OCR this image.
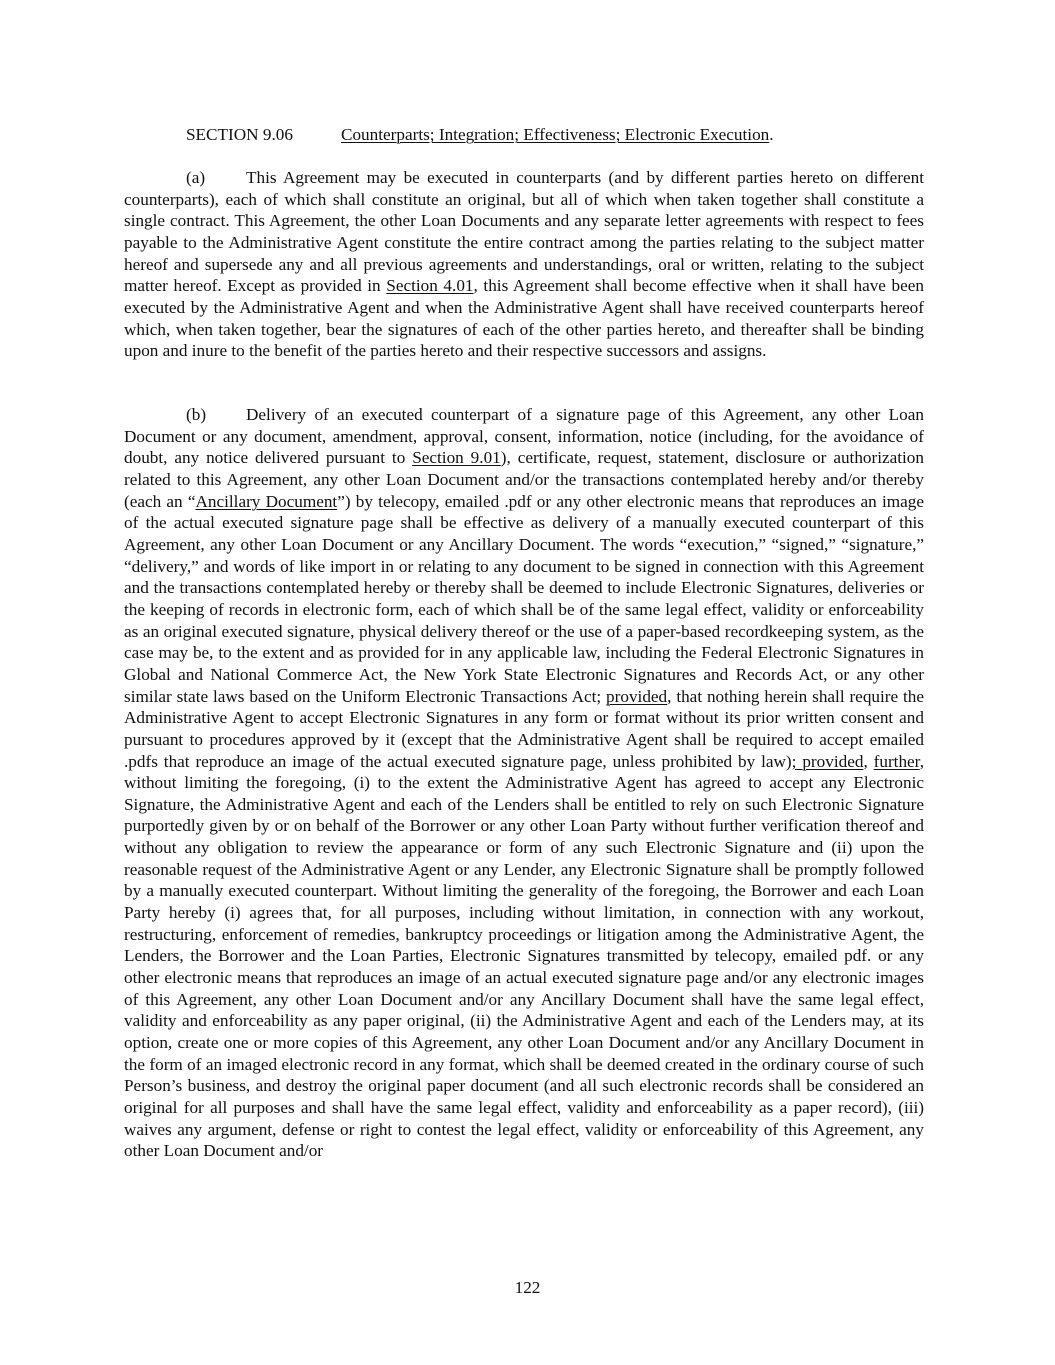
SECTION 9.06	Counterparts; Integration; Effectiveness; Electronic Execution.

(a) This Agreement may be executed in counterparts (and by different parties hereto on different counterparts), each of which shall constitute an original, but all of which when taken together shall constitute a single contract. This Agreement, the other Loan Documents and any separate letter agreements with respect to fees payable to the Administrative Agent constitute the entire contract among the parties relating to the subject matter hereof and supersede any and all previous agreements and understandings, oral or written, relating to the subject matter hereof. Except as provided in Section 4.01, this Agreement shall become effective when it shall have been executed by the Administrative Agent and when the Administrative Agent shall have received counterparts hereof which, when taken together, bear the signatures of each of the other parties hereto, and thereafter shall be binding upon and inure to the benefit of the parties hereto and their respective successors and assigns.

(b) Delivery of an executed counterpart of a signature page of this Agreement, any other Loan Document or any document, amendment, approval, consent, information, notice (including, for the avoidance of doubt, any notice delivered pursuant to Section 9.01), certificate, request, statement, disclosure or authorization related to this Agreement, any other Loan Document and/or the transactions contemplated hereby and/or thereby (each an “Ancillary Document”) by telecopy, emailed .pdf or any other electronic means that reproduces an image of the actual executed signature page shall be effective as delivery of a manually executed counterpart of this Agreement, any other Loan Document or any Ancillary Document. The words “execution,” “signed,” “signature,” “delivery,” and words of like import in or relating to any document to be signed in connection with this Agreement and the transactions contemplated hereby or thereby shall be deemed to include Electronic Signatures, deliveries or the keeping of records in electronic form, each of which shall be of the same legal effect, validity or enforceability as an original executed signature, physical delivery thereof or the use of a paper-based recordkeeping system, as the case may be, to the extent and as provided for in any applicable law, including the Federal Electronic Signatures in Global and National Commerce Act, the New York State Electronic Signatures and Records Act, or any other similar state laws based on the Uniform Electronic Transactions Act; provided, that nothing herein shall require the Administrative Agent to accept Electronic Signatures in any form or format without its prior written consent and pursuant to procedures approved by it (except that the Administrative Agent shall be required to accept emailed .pdfs that reproduce an image of the actual executed signature page, unless prohibited by law); provided, further, without limiting the foregoing, (i) to the extent the Administrative Agent has agreed to accept any Electronic Signature, the Administrative Agent and each of the Lenders shall be entitled to rely on such Electronic Signature purportedly given by or on behalf of the Borrower or any other Loan Party without further verification thereof and without any obligation to review the appearance or form of any such Electronic Signature and (ii) upon the reasonable request of the Administrative Agent or any Lender, any Electronic Signature shall be promptly followed by a manually executed counterpart. Without limiting the generality of the foregoing, the Borrower and each Loan Party hereby (i) agrees that, for all purposes, including without limitation, in connection with any workout, restructuring, enforcement of remedies, bankruptcy proceedings or litigation among the Administrative Agent, the Lenders, the Borrower and the Loan Parties, Electronic Signatures transmitted by telecopy, emailed pdf. or any other electronic means that reproduces an image of an actual executed signature page and/or any electronic images of this Agreement, any other Loan Document and/or any Ancillary Document shall have the same legal effect, validity and enforceability as any paper original, (ii) the Administrative Agent and each of the Lenders may, at its option, create one or more copies of this Agreement, any other Loan Document and/or any Ancillary Document in the form of an imaged electronic record in any format, which shall be deemed created in the ordinary course of such Person’s business, and destroy the original paper document (and all such electronic records shall be considered an original for all purposes and shall have the same legal effect, validity and enforceability as a paper record), (iii) waives any argument, defense or right to contest the legal effect, validity or enforceability of this Agreement, any other Loan Document and/or

122
